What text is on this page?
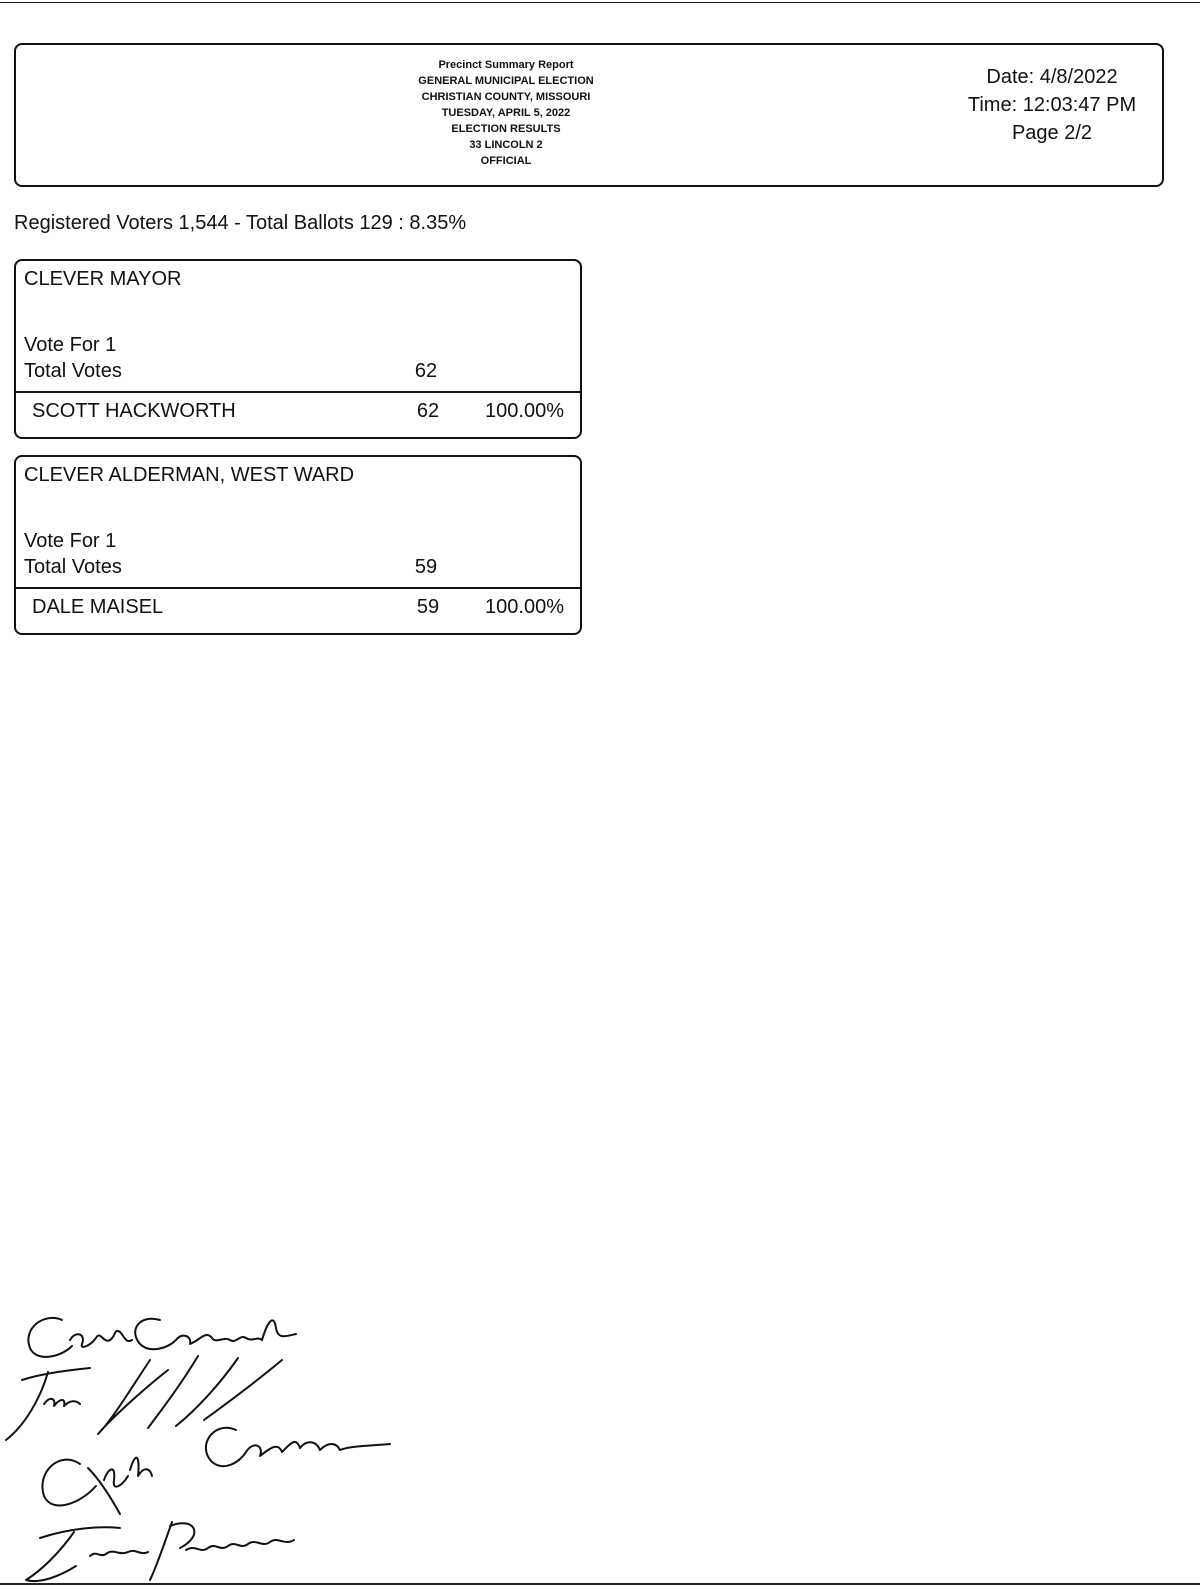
Precinct Summary Report
GENERAL MUNICIPAL ELECTION
CHRISTIAN COUNTY, MISSOURI
TUESDAY, APRIL 5, 2022
ELECTION RESULTS
33 LINCOLN 2
OFFICIAL
Date: 4/8/2022
Time: 12:03:47 PM
Page 2/2
Registered Voters 1,544 - Total Ballots 129 : 8.35%
CLEVER MAYOR
Vote For 1
Total Votes	62
SCOTT HACKWORTH	62	100.00%
CLEVER ALDERMAN, WEST WARD
Vote For 1
Total Votes	59
DALE MAISEL	59	100.00%
